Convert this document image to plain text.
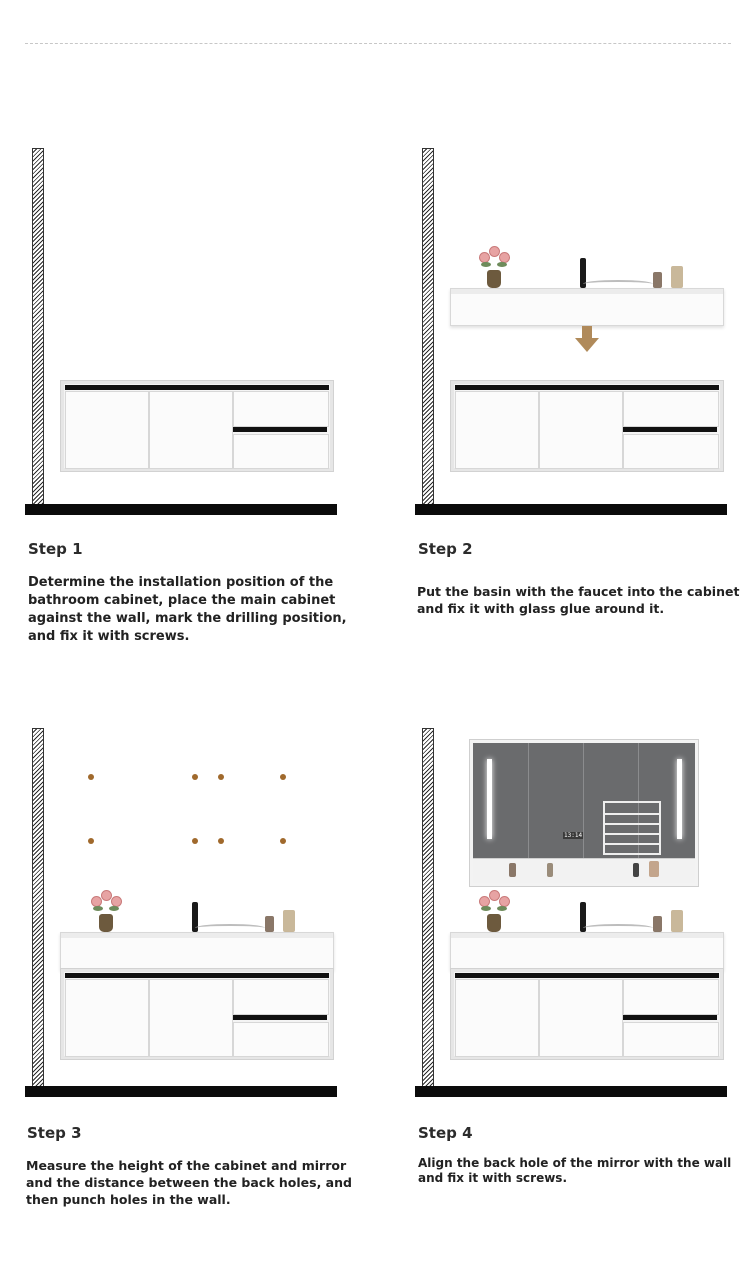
Step 1
Determine the installation position of the bathroom cabinet, place the main cabinet against the wall, mark the drilling position, and fix it with screws.
Step 2
Put the basin with the faucet into the cabinet and fix it with glass glue around it.
Step 3
Measure the height of the cabinet and mirror and the distance between the back holes, and then punch holes in the wall.
13:14
Step 4
Align the back hole of the mirror with the wall and fix it with screws.
